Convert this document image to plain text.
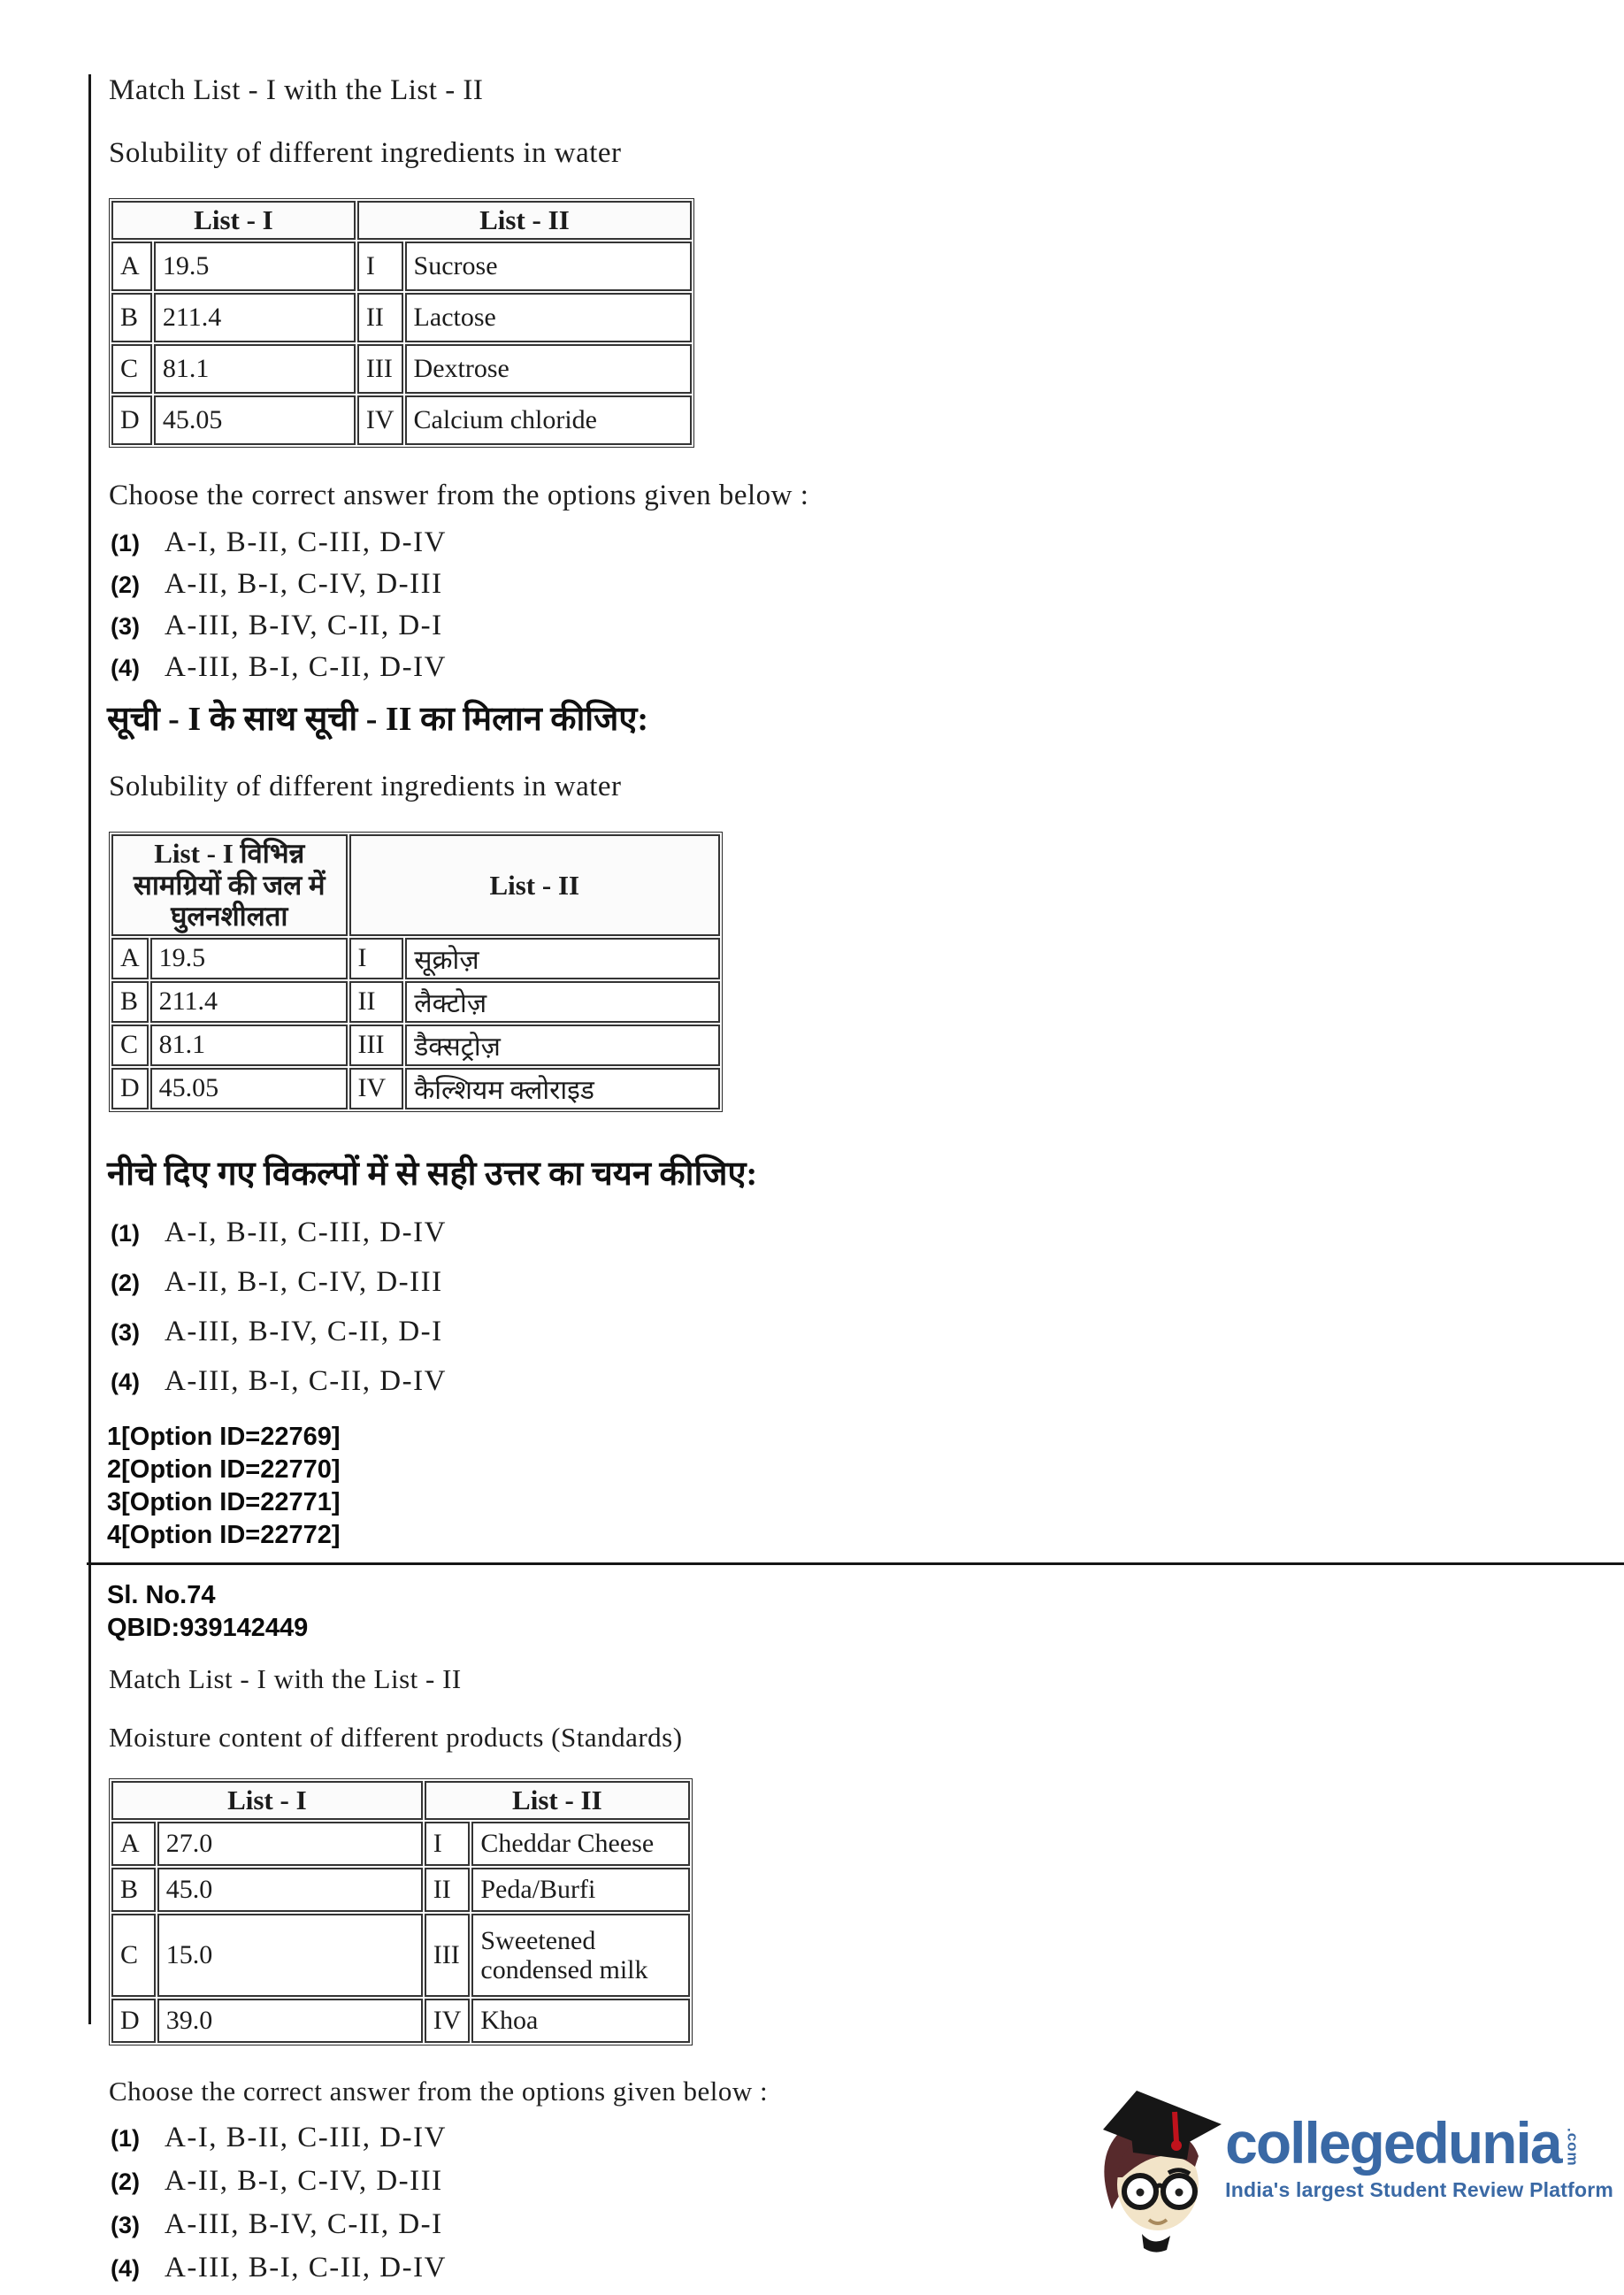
Match List - I with the List - II
Solubility of different ingredients in water
List - I		List - II	
A	19.5	I	Sucrose
B	211.4	II	Lactose
C	81.1	III	Dextrose
D	45.05	IV	Calcium chloride
Choose the correct answer from the options given below :
(1) A-I, B-II, C-III, D-IV
(2) A-II, B-I, C-IV, D-III
(3) A-III, B-IV, C-II, D-I
(4) A-III, B-I, C-II, D-IV
सूची - I के साथ सूची - II का मिलान कीजिए:
Solubility of different ingredients in water
List - I विभिन्न सामग्रियों की जल में घुलनशीलता		List - II	
A	19.5	I	सूक्रोज़
B	211.4	II	लैक्टोज़
C	81.1	III	डैक्सट्रोज़
D	45.05	IV	कैल्शियम क्लोराइड
नीचे दिए गए विकल्पों में से सही उत्तर का चयन कीजिए:
(1) A-I, B-II, C-III, D-IV
(2) A-II, B-I, C-IV, D-III
(3) A-III, B-IV, C-II, D-I
(4) A-III, B-I, C-II, D-IV
1[Option ID=22769]
2[Option ID=22770]
3[Option ID=22771]
4[Option ID=22772]
Sl. No.74
QBID:939142449
Match List - I with the List - II
Moisture content of different products (Standards)
List - I		List - II	
A	27.0	I	Cheddar Cheese
B	45.0	II	Peda/Burfi
C	15.0	III	Sweetened condensed milk
D	39.0	IV	Khoa
Choose the correct answer from the options given below :
(1) A-I, B-II, C-III, D-IV
(2) A-II, B-I, C-IV, D-III
(3) A-III, B-IV, C-II, D-I
(4) A-III, B-I, C-II, D-IV
collegedunia .com
India's largest Student Review Platform
